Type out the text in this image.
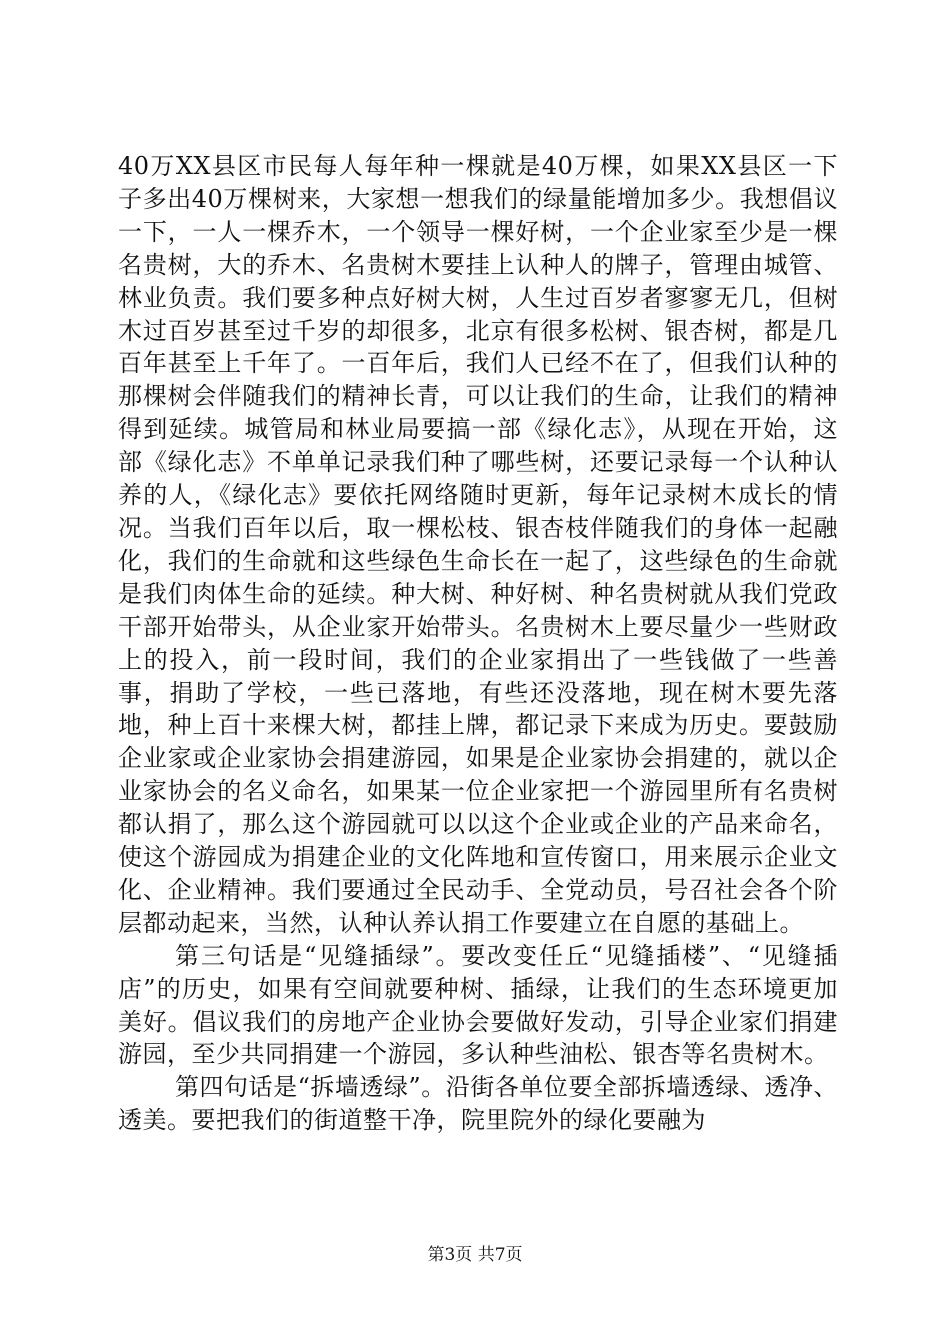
40万XX县区市民每人每年种一棵就是40万棵，如果XX县区一下子多出40万棵树来，大家想一想我们的绿量能增加多少。我想倡议一下，一人一棵乔木，一个领导一棵好树，一个企业家至少是一棵名贵树，大的乔木、名贵树木要挂上认种人的牌子，管理由城管、林业负责。我们要多种点好树大树，人生过百岁者寥寥无几，但树木过百岁甚至过千岁的却很多，北京有很多松树、银杏树，都是几百年甚至上千年了。一百年后，我们人已经不在了，但我们认种的那棵树会伴随我们的精神长青，可以让我们的生命，让我们的精神得到延续。城管局和林业局要搞一部《绿化志》，从现在开始，这部《绿化志》不单单记录我们种了哪些树，还要记录每一个认种认养的人，《绿化志》要依托网络随时更新，每年记录树木成长的情况。当我们百年以后，取一棵松枝、银杏枝伴随我们的身体一起融化，我们的生命就和这些绿色生命长在一起了，这些绿色的生命就是我们肉体生命的延续。种大树、种好树、种名贵树就从我们党政干部开始带头，从企业家开始带头。名贵树木上要尽量少一些财政上的投入，前一段时间，我们的企业家捐出了一些钱做了一些善事，捐助了学校，一些已落地，有些还没落地，现在树木要先落地，种上百十来棵大树，都挂上牌，都记录下来成为历史。要鼓励企业家或企业家协会捐建游园，如果是企业家协会捐建的，就以企业家协会的名义命名，如果某一位企业家把一个游园里所有名贵树都认捐了，那么这个游园就可以以这个企业或企业的产品来命名，使这个游园成为捐建企业的文化阵地和宣传窗口，用来展示企业文化、企业精神。我们要通过全民动手、全党动员，号召社会各个阶层都动起来，当然，认种认养认捐工作要建立在自愿的基础上。

第三句话是“见缝插绿”。要改变任丘“见缝插楼”、“见缝插店”的历史，如果有空间就要种树、插绿，让我们的生态环境更加美好。倡议我们的房地产企业协会要做好发动，引导企业家们捐建游园，至少共同捐建一个游园，多认种些油松、银杏等名贵树木。

第四句话是“拆墙透绿”。沿街各单位要全部拆墙透绿、透净、透美。要把我们的街道整干净，院里院外的绿化要融为

第3页 共7页
